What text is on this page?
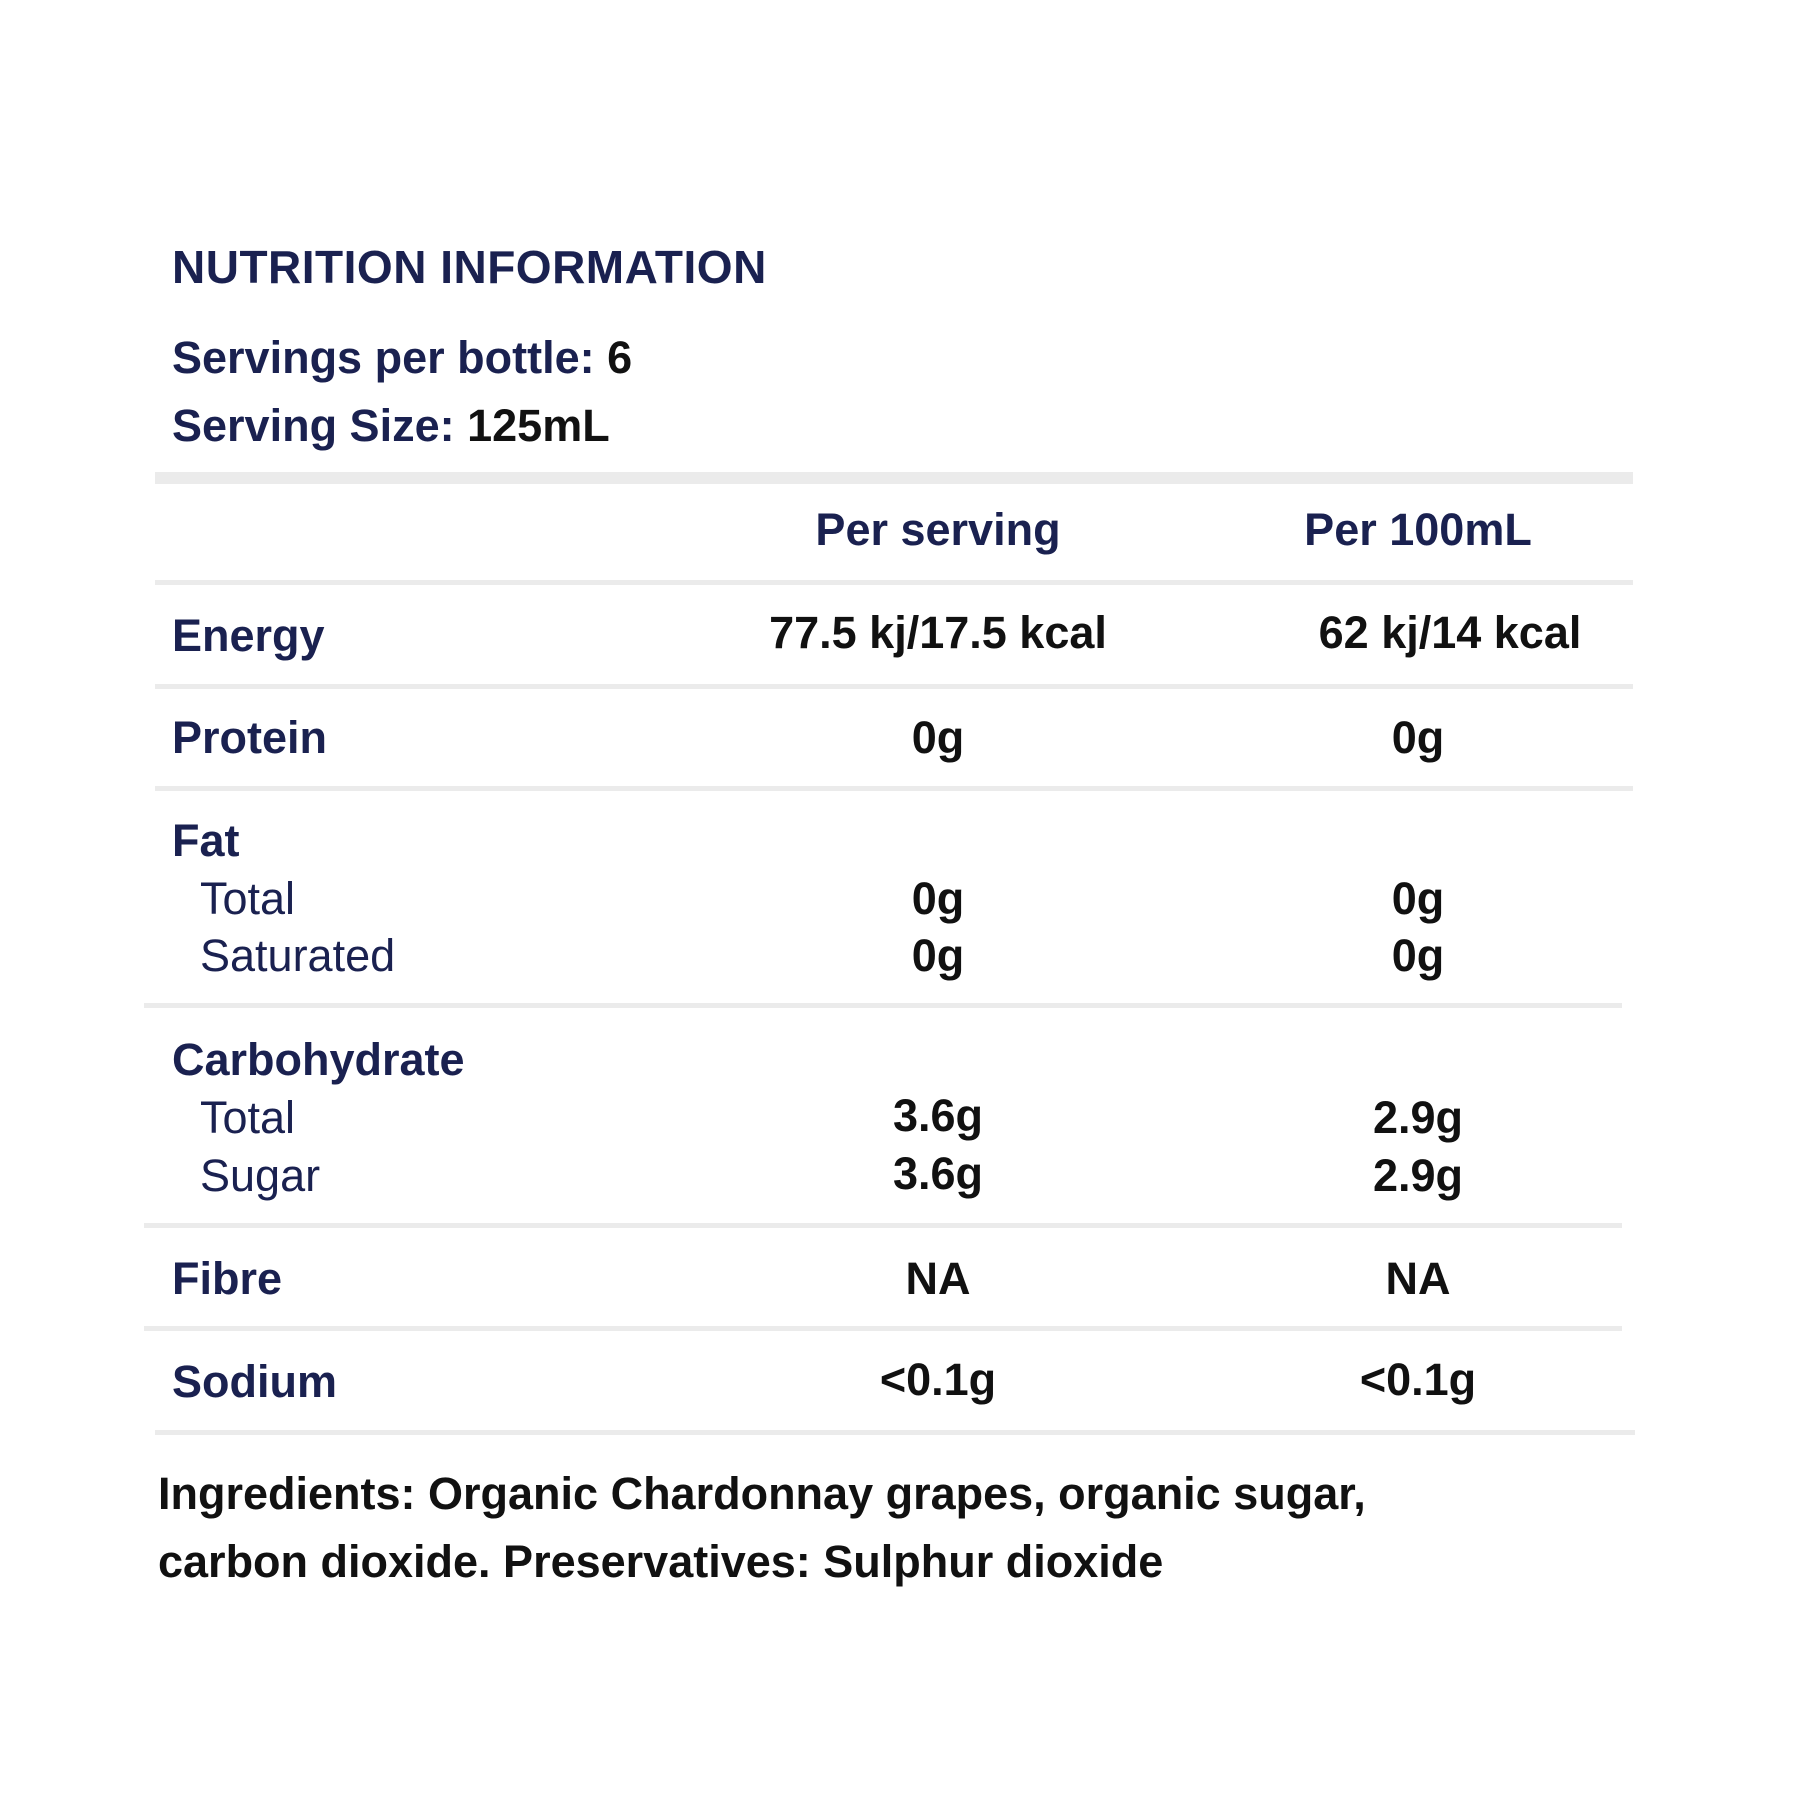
NUTRITION INFORMATION
Servings per bottle: 6
Serving Size: 125mL
Per serving	Per 100mL
Energy	77.5 kj/17.5 kcal	62 kj/14 kcal
Protein	0g	0g
Fat
Total	0g	0g
Saturated	0g	0g
Carbohydrate
Total	3.6g	2.9g
Sugar	3.6g	2.9g
Fibre	NA	NA
Sodium	<0.1g	<0.1g
Ingredients: Organic Chardonnay grapes, organic sugar,
carbon dioxide. Preservatives: Sulphur dioxide
